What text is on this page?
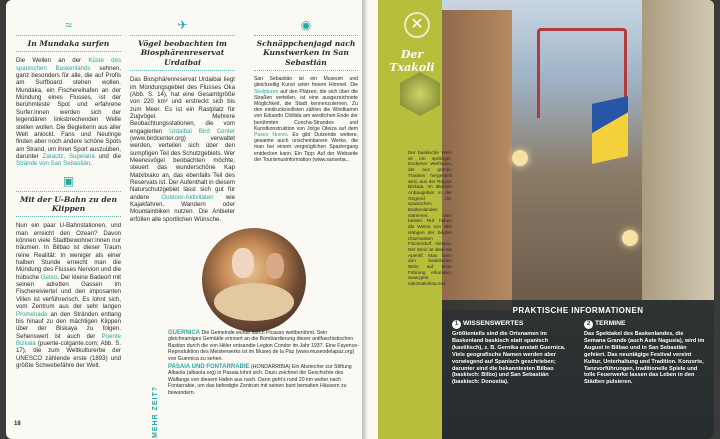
≈
In Mundaka surfen

Die Wellen an der Küste des spanischen Baskenlands sehnen, ganz besonders für alle, die auf Profis am Surfboard stehen wollen. Mundaka, ein Fischereihafen an der Mündung eines Flusses, ist der berühmteste Spot und erfahrene Surfer:innen werden sich der legendären linksbrechenden Welle stellen wollen. Die Begleiterin aus aller Welt anlockt. Fans und Neulinge finden aber noch andere schöne Spots am Strand, um ihren Sport auszuüben, darunter Zarautz, Sopelana und die Strände von San Sebastián.

▣
Mit der U-Bahn zu den Klippen

Nun ein paar U-Bahnstationen, und man erreicht den Ozean? Davon können viele Stadtbewohner:innen nur träumen. In Bilbao ist dieser Traum reine Realität: In weniger als einer halben Stunde erreicht man die Mündung des Flusses Nervion und die hübsche Getxo. Der kleine Badeort mit seinen adretten Gassen im Fischereiviertel und den imposanten Villen ist verführerisch. Es lohnt sich, vom Zentrum aus der sehr langen Promenade an den Stränden entlang bis hinauf zu den mächtigen Klippen über der Biskaya zu folgen. Sehenswert ist auch der Puente Bizkaia (puente-colgante.com; Abb. S. 17), die zum Weltkulturerbe der UNESCO zählende erste (1893) und größte Schwebefähre der Welt.

✈
Vögel beobachten im Biosphärenreservat Urdaibai

Das Biosphärenreservat Urdaibai liegt im Mündungsgebiet des Flusses Oka (Abb. S. 14), hat eine Gesamtgröße von 220 km² und erstreckt sich bis zum Meer. Es ist ein Rastplatz für Zugvögel. Mehrere Beobachtungsstationen, die vom engagierten Urdaibai Bird Center (www.birdcenter.org) verwaltet werden, verteilen sich über den sumpfigen Teil des Schutzgebiets. Wer Meeresvögel beobachten möchte, steuert das wunderschöne Kap Matxitxako an, das ebenfalls Teil des Reservats ist. Der Aufenthalt in diesem Naturschutzgebiet lässt sich gut für andere Outdoor-Aktivitäten wie Kajakfahren, Wandern oder Mountainbiken nutzen. Die Anbieter erfüllen alle sportlichen Wünsche.

◉
Schnäppchenjagd nach Kunstwerken in San Sebastián

San Sebastián ist ein Museum und gleichzeitig Kunst unter freiem Himmel. Die Skulpturen auf den Plätzen, die sich über die Straßen verteilen, ist eine ausgezeichnete Möglichkeit, die Stadt kennenzulernen. Zu den eindrucksvollsten zählen die Windkamm von Eduardo Chillida am westlichen Ende der berühmten Concha-Strandes und Kunstkonstruktion von Jorge Oteiza auf dem Paseo Nuevo. Es gibt Dutzende weitere, gesamte auch unscheinbarere Werke, die man bei einem vergnüglichen Spaziergang entdecken kann. Ein Tipp: Auf der Webseite der Tourismusinformation (www.sanseba...

MEHR ZEIT?

GUERNICA Die Gemeinde wurde durch Picasso weltberühmt. Sein gleichnamiges Gemälde erinnert an die Bombardierung dieser antifaschistischen Bastion durch die von Hitler entsandte Legion Condor im Jahr 1937. Eine Fayence-Reproduktion des Meisterwerks ist im Museo de la Paz (www.museodelapaz.org) von Guernica zu sehen.

PASAIA UND FONTARRABIE (HONDARRIBIA) Ein Abstecher zur Stiftung Albaola (albaola.org) in Pasaia lohnt sich. Dazu zeichnet die Geschichte des Walfangs von diesem Hafen aus nach. Dann geht's rund 20 km weiter nach Fontarrabie, um das befestigte Zentrum mit seinen bunt bemalten Häusern zu bewundern.

18
✕
Der Txakoli

Der baskische Wein ist ein spritziger, trockener Weißwein, der aus grünen Trauben hergestellt wird, aus der Region Bizkaia. Im ältesten Anbaugebiet in der Gegend der spanischen Baskenlandes stammen. Den besten Ruf haben die Weine von den Hängen der beiden charmanten Fischerdorf Getaria. Der Wein ist ideal als Aperitif. Man kann den baskischen Wein auf einer Führung erkunden: www.geta riakotxakolina.eus

PRAKTISCHE INFORMATIONEN
1 WISSENSWERTES

Größtenteils sind die Ortsnamen im Baskenland baskisch statt spanisch (kastilisch), z. B. Gernika anstatt Guernica. Viele geografische Namen werden aber vorwiegend auf Spanisch geschrieben; darunter sind die bekanntesten Bilbao (baskisch: Bilbo) und San Sebastián (baskisch: Donostia).

2 TERMINE

Das Spektakel des Baskenlandes, die Semana Grande (auch Aste Nagusia), wird im August in Bilbao und in San Sebastián gefeiert. Das neuntägige Festival vereint Kultur, Unterhaltung und Tradition. Konzerte, Tanzvorführungen, traditionelle Spiele und tolle Feuerwerke lassen das Leben in den Städten pulsieren.
